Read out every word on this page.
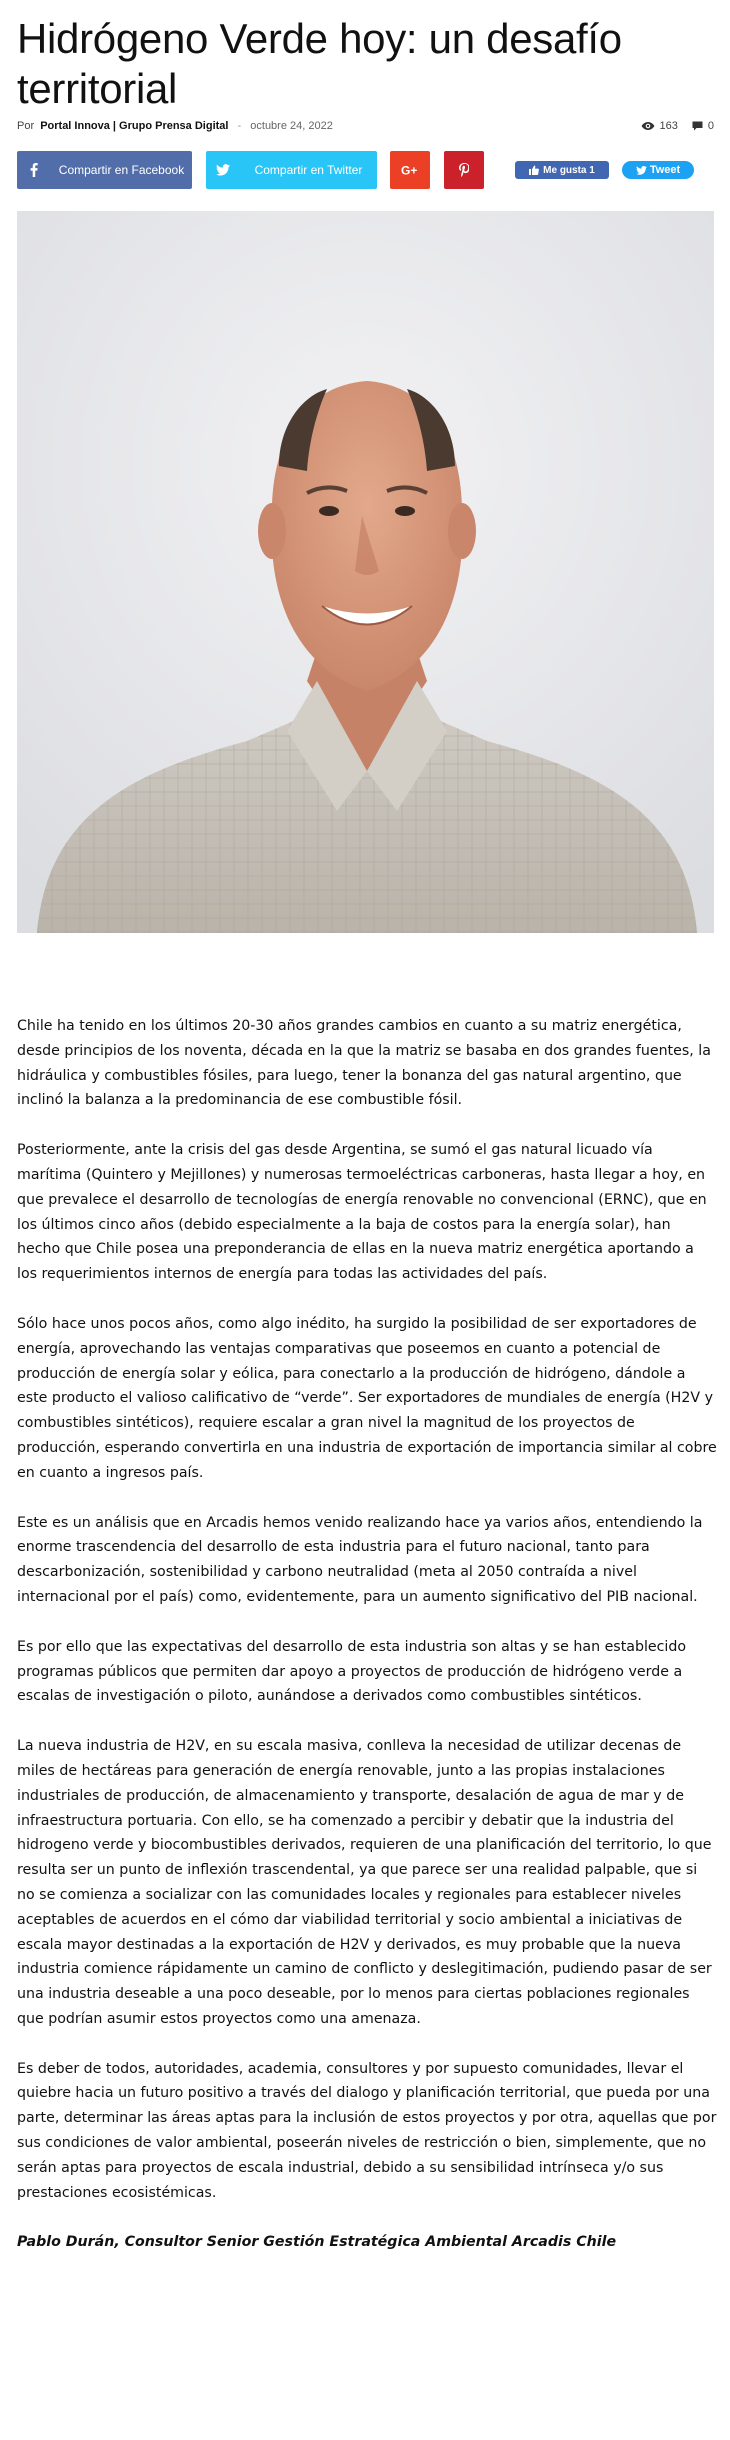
Hidrógeno Verde hoy: un desafío territorial
Por Portal Innova | Grupo Prensa Digital - octubre 24, 2022	163	0
Compartir en Facebook	Compartir en Twitter	G+	Me gusta 1	Tweet

Chile ha tenido en los últimos 20-30 años grandes cambios en cuanto a su matriz energética, desde principios de los noventa, década en la que la matriz se basaba en dos grandes fuentes, la hidráulica y combustibles fósiles, para luego, tener la bonanza del gas natural argentino, que inclinó la balanza a la predominancia de ese combustible fósil.

Posteriormente, ante la crisis del gas desde Argentina, se sumó el gas natural licuado vía marítima (Quintero y Mejillones) y numerosas termoeléctricas carboneras, hasta llegar a hoy, en que prevalece el desarrollo de tecnologías de energía renovable no convencional (ERNC), que en los últimos cinco años (debido especialmente a la baja de costos para la energía solar), han hecho que Chile posea una preponderancia de ellas en la nueva matriz energética aportando a los requerimientos internos de energía para todas las actividades del país.

Sólo hace unos pocos años, como algo inédito, ha surgido la posibilidad de ser exportadores de energía, aprovechando las ventajas comparativas que poseemos en cuanto a potencial de producción de energía solar y eólica, para conectarlo a la producción de hidrógeno, dándole a este producto el valioso calificativo de “verde”. Ser exportadores de mundiales de energía (H2V y combustibles sintéticos), requiere escalar a gran nivel la magnitud de los proyectos de producción, esperando convertirla en una industria de exportación de importancia similar al cobre en cuanto a ingresos país.

Este es un análisis que en Arcadis hemos venido realizando hace ya varios años, entendiendo la enorme trascendencia del desarrollo de esta industria para el futuro nacional, tanto para descarbonización, sostenibilidad y carbono neutralidad (meta al 2050 contraída a nivel internacional por el país) como, evidentemente, para un aumento significativo del PIB nacional.

Es por ello que las expectativas del desarrollo de esta industria son altas y se han establecido programas públicos que permiten dar apoyo a proyectos de producción de hidrógeno verde a escalas de investigación o piloto, aunándose a derivados como combustibles sintéticos.

La nueva industria de H2V, en su escala masiva, conlleva la necesidad de utilizar decenas de miles de hectáreas para generación de energía renovable, junto a las propias instalaciones industriales de producción, de almacenamiento y transporte, desalación de agua de mar y de infraestructura portuaria. Con ello, se ha comenzado a percibir y debatir que la industria del hidrogeno verde y biocombustibles derivados, requieren de una planificación del territorio, lo que resulta ser un punto de inflexión trascendental, ya que parece ser una realidad palpable, que si no se comienza a socializar con las comunidades locales y regionales para establecer niveles aceptables de acuerdos en el cómo dar viabilidad territorial y socio ambiental a iniciativas de escala mayor destinadas a la exportación de H2V y derivados, es muy probable que la nueva industria comience rápidamente un camino de conflicto y deslegitimación, pudiendo pasar de ser una industria deseable a una poco deseable, por lo menos para ciertas poblaciones regionales que podrían asumir estos proyectos como una amenaza.

Es deber de todos, autoridades, academia, consultores y por supuesto comunidades, llevar el quiebre hacia un futuro positivo a través del dialogo y planificación territorial, que pueda por una parte, determinar las áreas aptas para la inclusión de estos proyectos y por otra, aquellas que por sus condiciones de valor ambiental, poseerán niveles de restricción o bien, simplemente, que no serán aptas para proyectos de escala industrial, debido a su sensibilidad intrínseca y/o sus prestaciones ecosistémicas.

Pablo Durán, Consultor Senior Gestión Estratégica Ambiental Arcadis Chile
